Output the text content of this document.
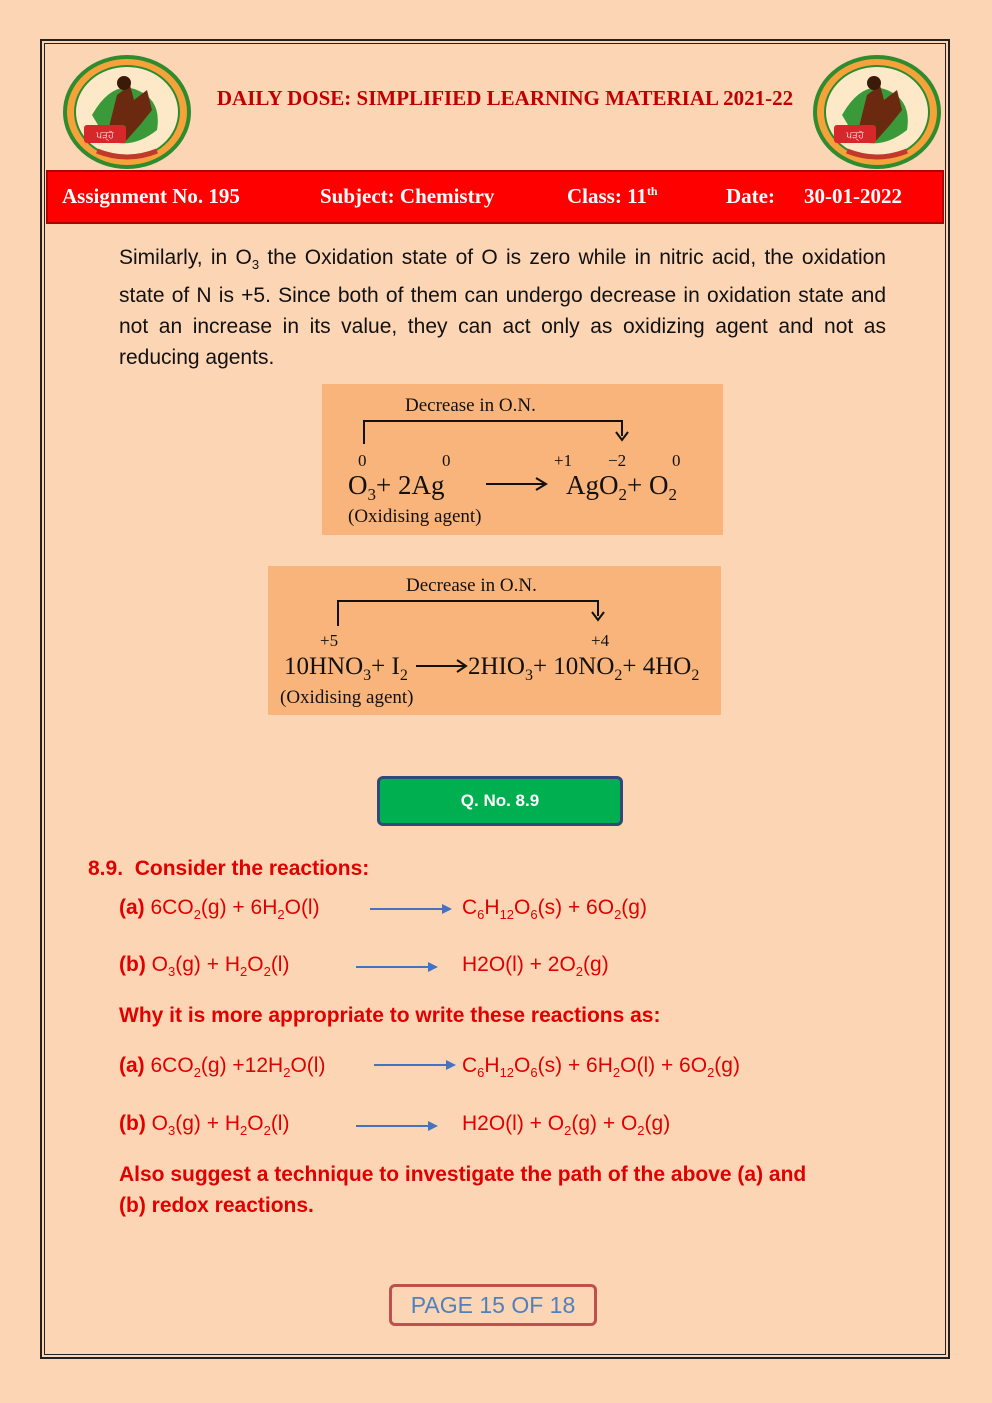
ਪੜ੍ਹੋ	ਪੜ੍ਹੋ
DAILY DOSE: SIMPLIFIED LEARNING MATERIAL 2021-22
Assignment No. 195	Subject: Chemistry	Class: 11th	Date: 30-01-2022

Similarly, in $O_3$ the Oxidation state of O is zero while in nitric acid, the oxidation state of N is +5. Since both of them can undergo decrease in oxidation state and not an increase in its value, they can act only as oxidizing agent and not as reducing agents.

Decrease in O.N.
0	0	+1 −2	0
$O_3+ 2Ag$	$AgO_2+ O_2$
(Oxidising agent)
Decrease in O.N.
+5	+4
$10HNO_3+ I_2$ $2HIO_3+ 10NO_2+ 4HO_2$
(Oxidising agent)
Q. No. 8.9
8.9. Consider the reactions:
(a) $6CO_2(g) + 6H_2O(l)$	$C_6H_{12}O_6(s) + 6O_2(g)$
(b) $O_3(g) + H_2O_2(l)$	$H2O(l) + 2O_2(g)$
Why it is more appropriate to write these reactions as:
(a) $6CO_2(g) +12H_2O(l)$	$C_6H_{12}O_6(s) + 6H_2O(l) + 6O_2(g)$
(b) $O_3(g) + H_2O_2(l)$	$H2O(l) + O_2(g) + O_2(g)$
Also suggest a technique to investigate the path of the above (a) and
(b) redox reactions.
PAGE 15 OF 18
